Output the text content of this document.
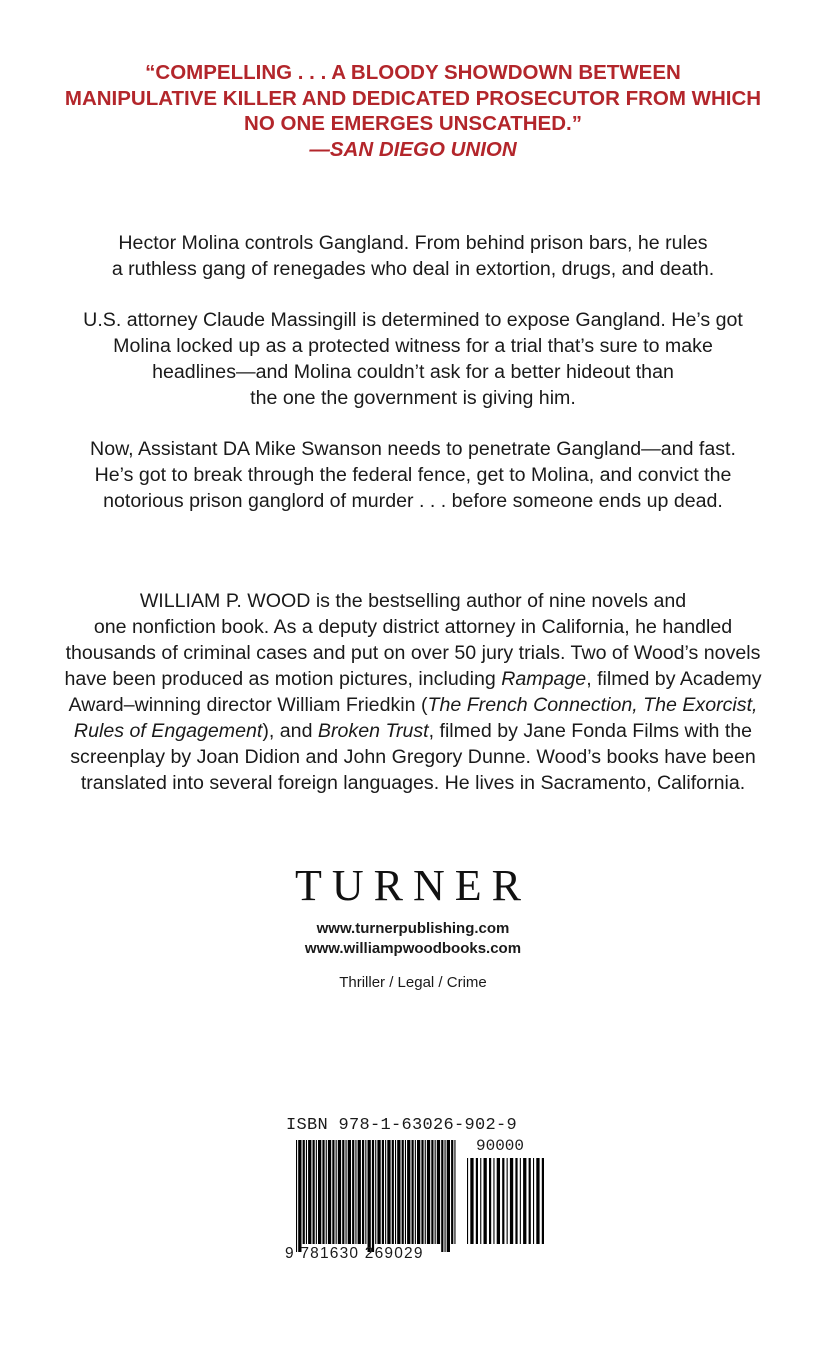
“COMPELLING . . . A BLOODY SHOWDOWN BETWEEN
MANIPULATIVE KILLER AND DEDICATED PROSECUTOR FROM WHICH
NO ONE EMERGES UNSCATHED.”
—SAN DIEGO UNION

Hector Molina controls Gangland. From behind prison bars, he rules
a ruthless gang of renegades who deal in extortion, drugs, and death.

U.S. attorney Claude Massingill is determined to expose Gangland. He’s got
Molina locked up as a protected witness for a trial that’s sure to make
headlines—and Molina couldn’t ask for a better hideout than
the one the government is giving him.

Now, Assistant DA Mike Swanson needs to penetrate Gangland—and fast.
He’s got to break through the federal fence, get to Molina, and convict the
notorious prison ganglord of murder . . . before someone ends up dead.

WILLIAM P. WOOD is the bestselling author of nine novels and
one nonfiction book. As a deputy district attorney in California, he handled
thousands of criminal cases and put on over 50 jury trials. Two of Wood’s novels
have been produced as motion pictures, including Rampage, filmed by Academy
Award–winning director William Friedkin (The French Connection, The Exorcist,
Rules of Engagement), and Broken Trust, filmed by Jane Fonda Films with the
screenplay by Joan Didion and John Gregory Dunne. Wood’s books have been
translated into several foreign languages. He lives in Sacramento, California.
TURNER
www.turnerpublishing.com
www.williampwoodbooks.com
Thriller / Legal / Crime
ISBN 978-1-63026-902-9
90000
9 781630 269029
